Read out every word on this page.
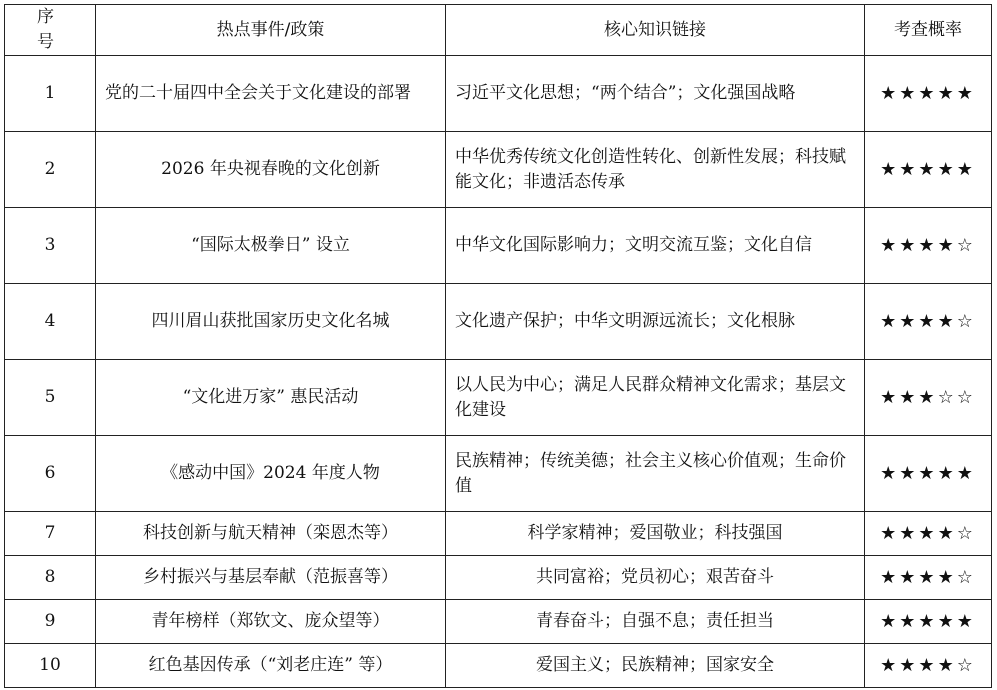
序号	热点事件/政策	核心知识链接	考查概率
1	党的二十届四中全会关于文化建设的部署	习近平文化思想；“两个结合”；文化强国战略	★★★★★
2	2026 年央视春晚的文化创新	中华优秀传统文化创造性转化、创新性发展；科技赋能文化；非遗活态传承	★★★★★
3	“国际太极拳日” 设立	中华文化国际影响力；文明交流互鉴；文化自信	★★★★☆
4	四川眉山获批国家历史文化名城	文化遗产保护；中华文明源远流长；文化根脉	★★★★☆
5	“文化进万家” 惠民活动	以人民为中心；满足人民群众精神文化需求；基层文化建设	★★★☆☆
6	《感动中国》2024 年度人物	民族精神；传统美德；社会主义核心价值观；生命价值	★★★★★
7	科技创新与航天精神（栾恩杰等）	科学家精神；爱国敬业；科技强国	★★★★☆
8	乡村振兴与基层奉献（范振喜等）	共同富裕；党员初心；艰苦奋斗	★★★★☆
9	青年榜样（郑钦文、庞众望等）	青春奋斗；自强不息；责任担当	★★★★★
10	红色基因传承（“刘老庄连” 等）	爱国主义；民族精神；国家安全	★★★★☆
